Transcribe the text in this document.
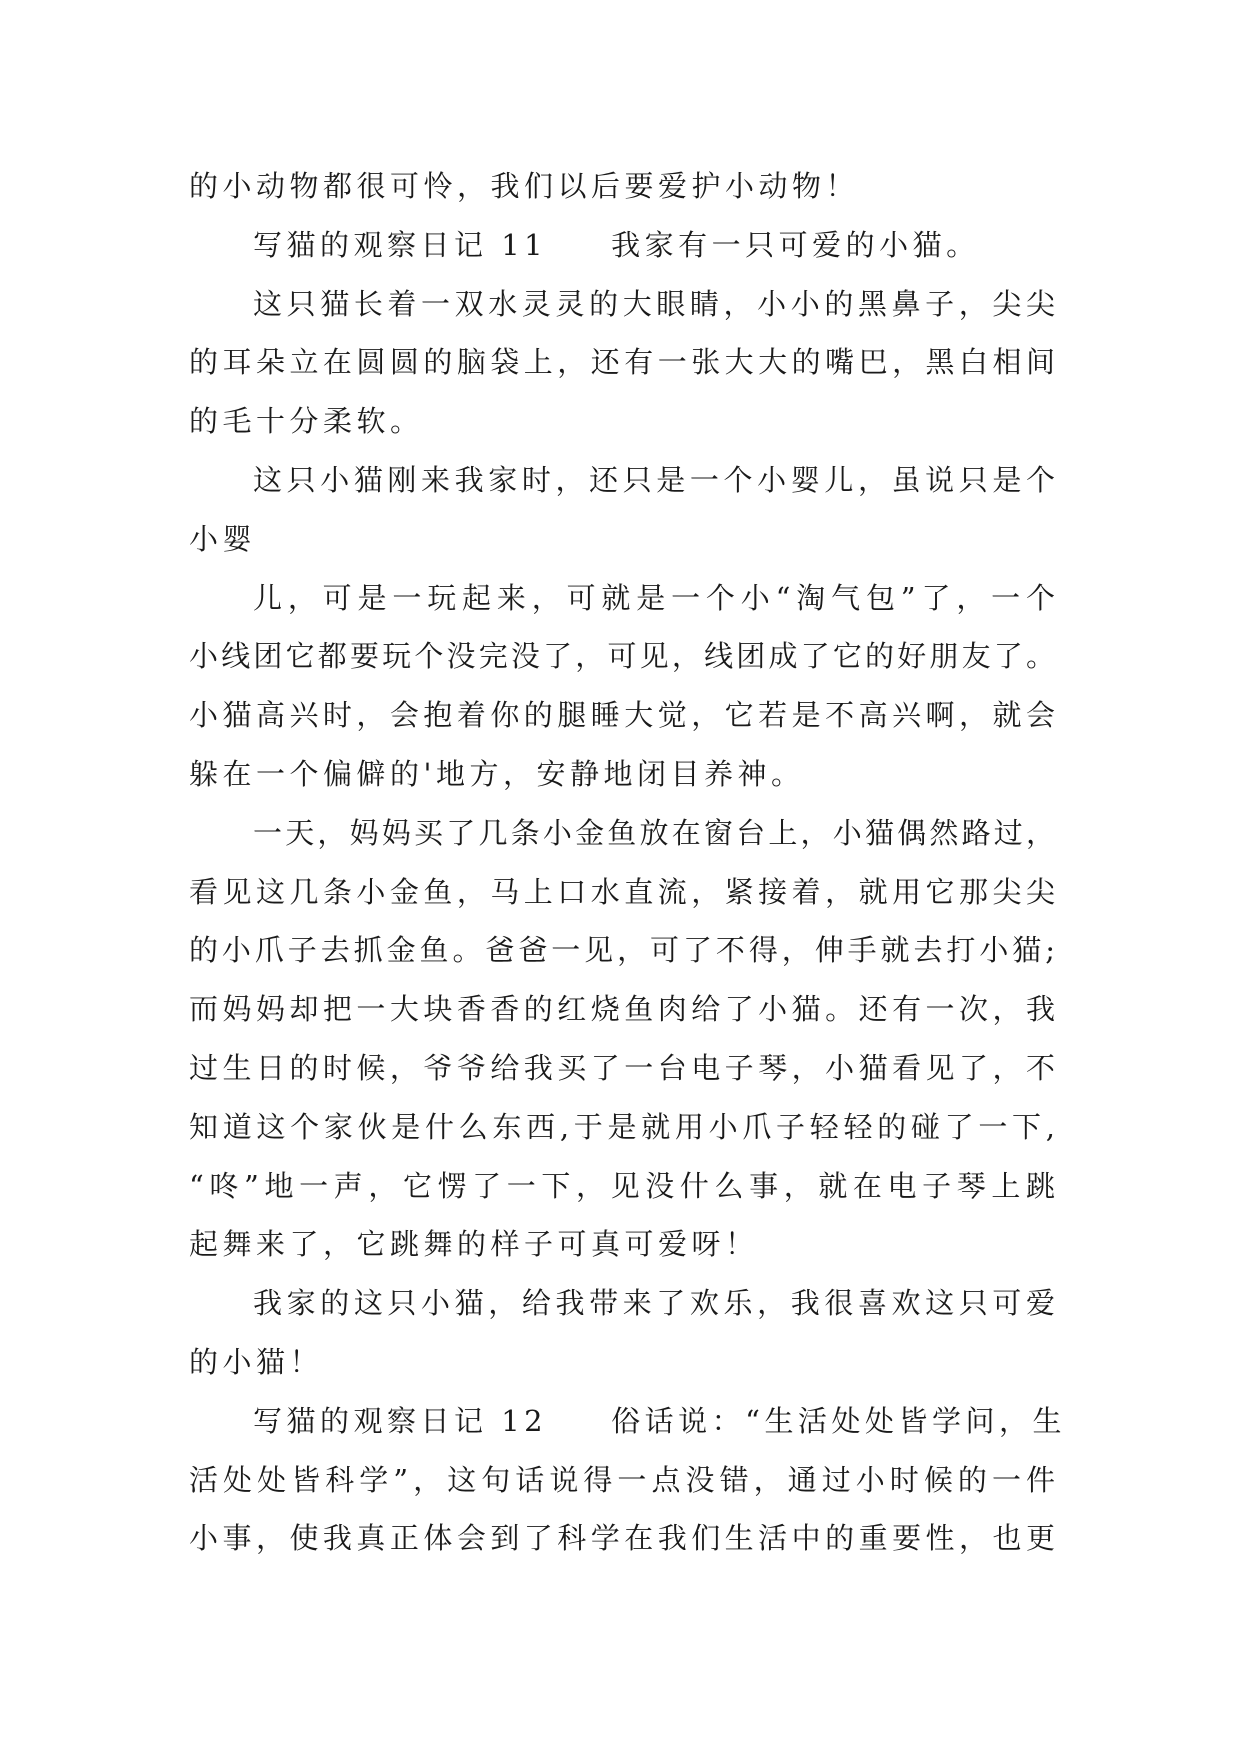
的小动物都很可怜，我们以后要爱护小动物！
写猫的观察日记 11 我家有一只可爱的小猫。
这只猫长着一双水灵灵的大眼睛，小小的黑鼻子，尖尖
的耳朵立在圆圆的脑袋上，还有一张大大的嘴巴，黑白相间
的毛十分柔软。
这只小猫刚来我家时，还只是一个小婴儿，虽说只是个
小婴
儿，可是一玩起来，可就是一个小“淘气包”了，一个
小线团它都要玩个没完没了，可见，线团成了它的好朋友了。
小猫高兴时，会抱着你的腿睡大觉，它若是不高兴啊，就会
躲在一个偏僻的'地方，安静地闭目养神。
一天，妈妈买了几条小金鱼放在窗台上，小猫偶然路过，
看见这几条小金鱼，马上口水直流，紧接着，就用它那尖尖
的小爪子去抓金鱼。爸爸一见，可了不得，伸手就去打小猫;
而妈妈却把一大块香香的红烧鱼肉给了小猫。还有一次，我
过生日的时候，爷爷给我买了一台电子琴，小猫看见了，不
知道这个家伙是什么东西,于是就用小爪子轻轻的碰了一下,
“咚”地一声，它愣了一下，见没什么事，就在电子琴上跳
起舞来了，它跳舞的样子可真可爱呀！
我家的这只小猫，给我带来了欢乐，我很喜欢这只可爱
的小猫！
写猫的观察日记 12 俗话说：“生活处处皆学问，生
活处处皆科学”，这句话说得一点没错，通过小时候的一件
小事，使我真正体会到了科学在我们生活中的重要性，也更
